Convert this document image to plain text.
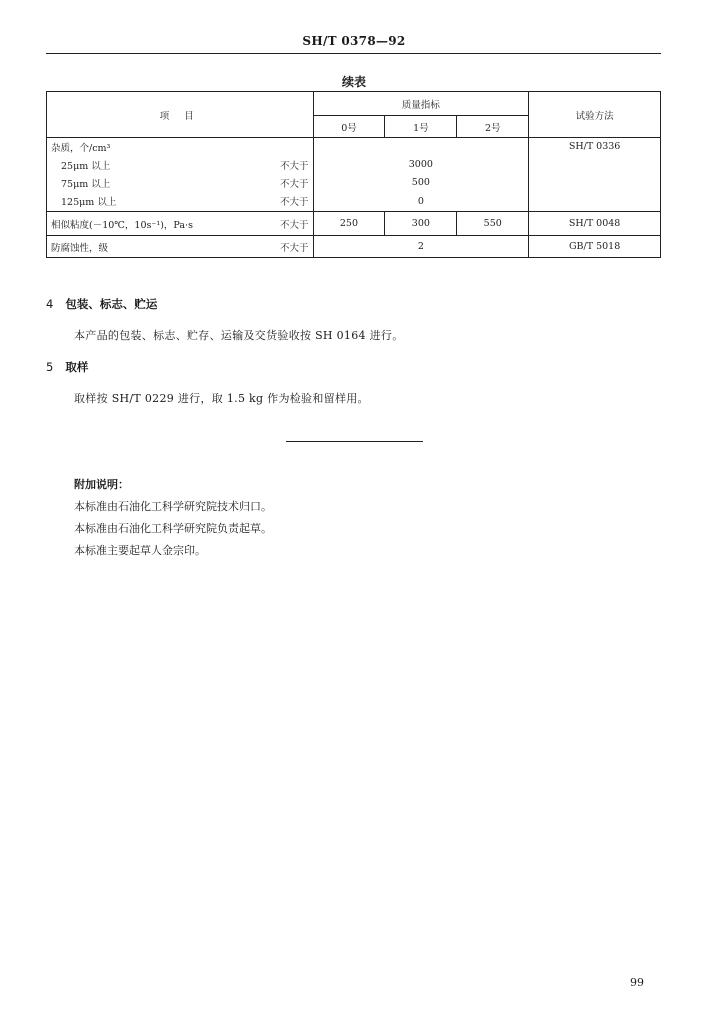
SH/T 0378—92
续表
项 目		质量指标			试验方法
		0号	1号	2号	
杂质，个/cm³					SH/T 0336
25μm 以上	不大于	3000			
75μm 以上	不大于	500			
125μm 以上	不大于	0			
相似粘度(－10℃，10s⁻¹)，Pa·s	不大于	250	300	550	SH/T 0048
防腐蚀性，级	不大于	2			GB/T 5018
4 包装、标志、贮运
本产品的包装、标志、贮存、运输及交货验收按 SH 0164 进行。
5 取样
取样按 SH/T 0229 进行，取 1.5 kg 作为检验和留样用。
附加说明：
本标准由石油化工科学研究院技术归口。
本标准由石油化工科学研究院负责起草。
本标准主要起草人金宗印。
99
